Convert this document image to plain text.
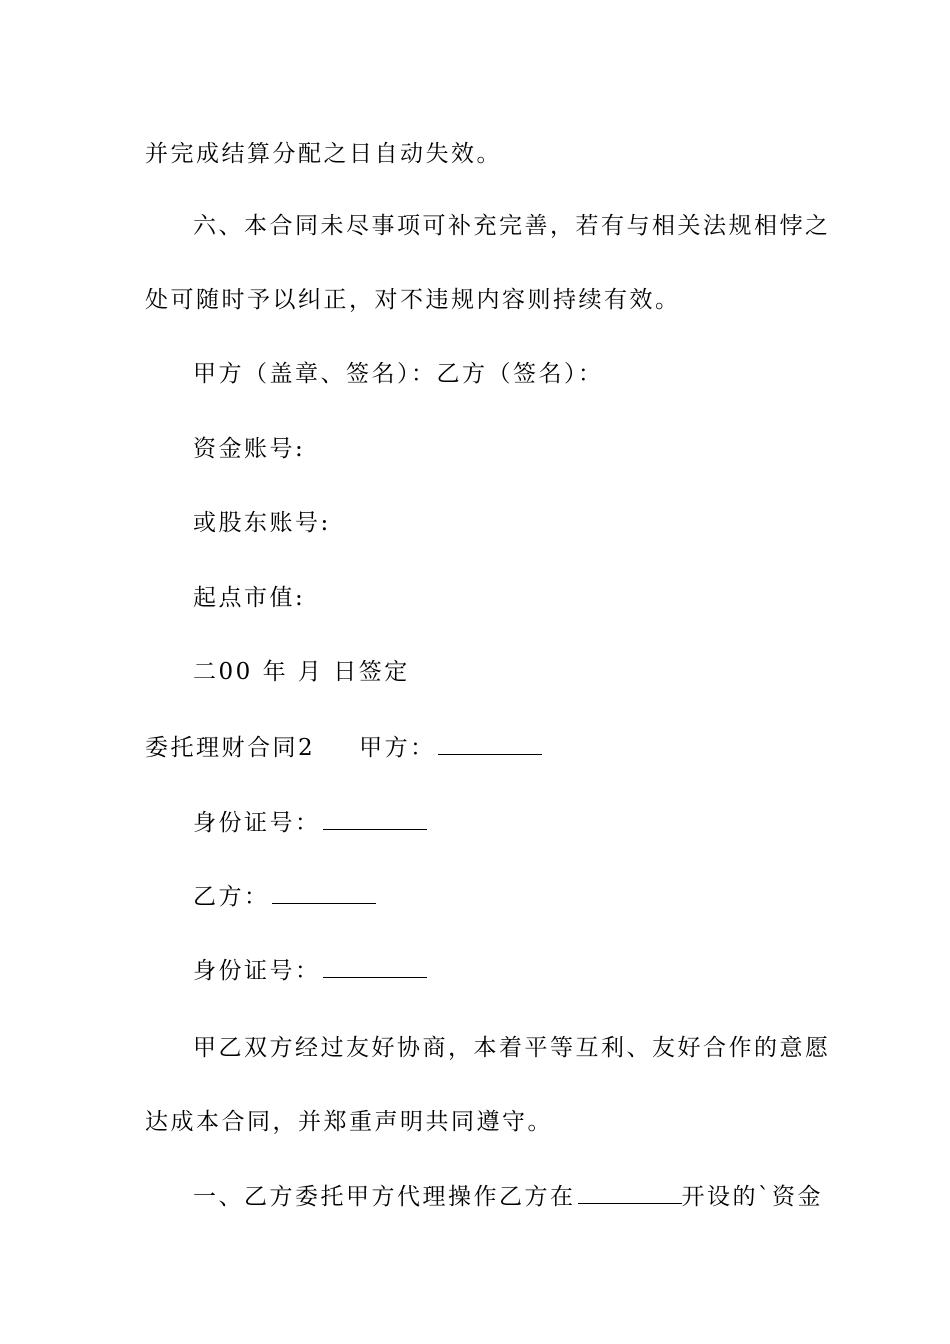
并完成结算分配之日自动失效。
六、本合同未尽事项可补充完善，若有与相关法规相悖之
处可随时予以纠正，对不违规内容则持续有效。
甲方（盖章、签名）：乙方（签名）：
资金账号:
或股东账号:
起点市值:
二00 年 月 日签定
委托理财合同2 甲方：
身份证号：
乙方：
身份证号：
甲乙双方经过友好协商，本着平等互利、友好合作的意愿
达成本合同，并郑重声明共同遵守。
一、乙方委托甲方代理操作乙方在	开设的`资金
